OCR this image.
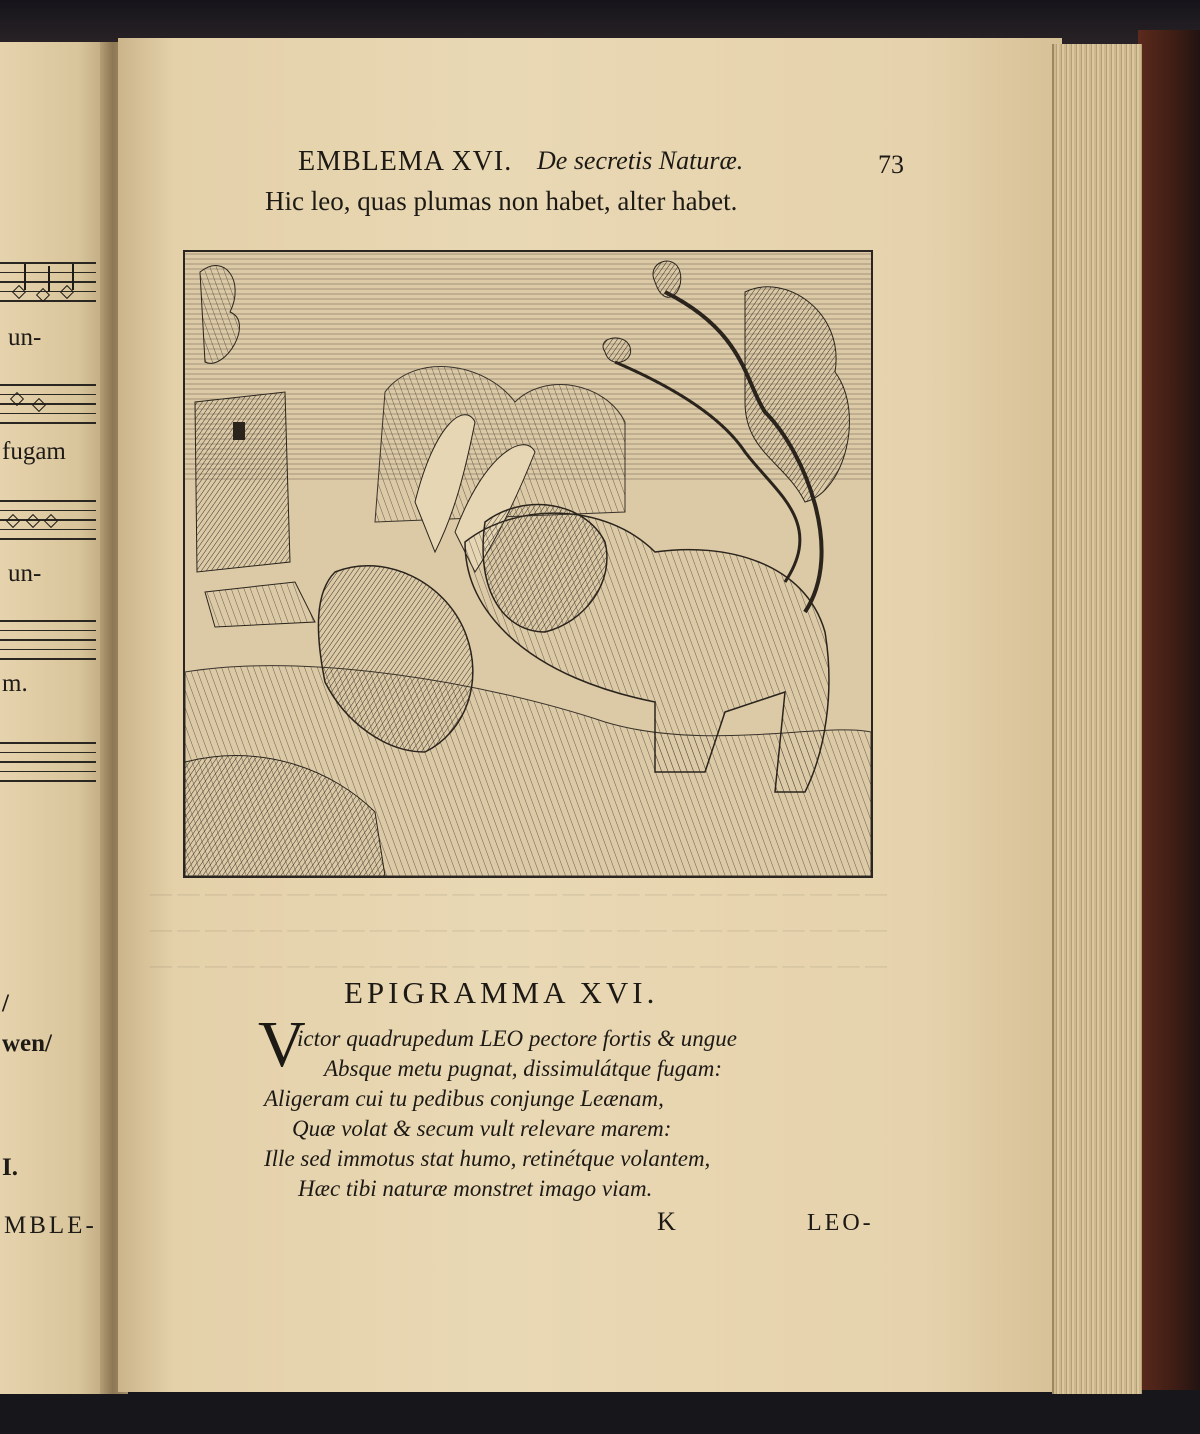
un-
fugam
un-
m.
/
wen/
I.
MBLE-
— — — — — — — — — — — — — — — — — — — — — — — — — — —
— — — — — — — — — — — — — — — — — — — — — — — — — — —
— — — — — — — — — — — — — — — — — — — — — — — — — — —
EMBLEMA XVI. De secretis Naturæ.	73
Hic leo, quas plumas non habet, alter habet.
EPIGRAMMA XVI.
V
ictor quadrupedum LEO pectore fortis & ungue
Absque metu pugnat, dissimulátque fugam:
Aligeram cui tu pedibus conjunge Leænam,
Quæ volat & secum vult relevare marem:
Ille sed immotus stat humo, retinétque volantem,
Hæc tibi naturæ monstret imago viam.
K	LEO-
